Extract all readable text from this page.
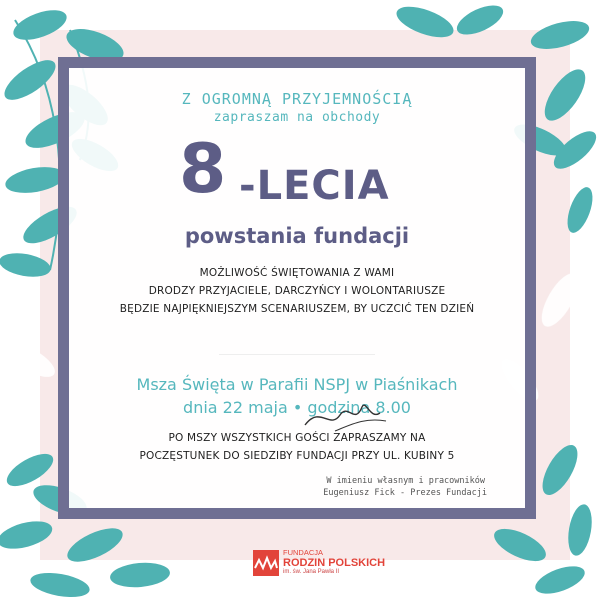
Z OGROMNĄ PRZYJEMNOŚCIĄ
zapraszam na obchody
8 -LECIA
powstania fundacji
MOŻLIWOŚĆ ŚWIĘTOWANIA Z WAMI
DRODZY PRZYJACIELE, DARCZYŃCY I WOLONTARIUSZE
BĘDZIE NAJPIĘKNIEJSZYM SCENARIUSZEM, BY UCZCIĆ TEN DZIEŃ
Msza Święta w Parafii NSPJ w Piaśnikach
dnia 22 maja • godzina 8.00
PO MSZY WSZYSTKICH GOŚCI ZAPRASZAMY NA
POCZĘSTUNEK DO SIEDZIBY FUNDACJI PRZY UL. KUBINY 5
W imieniu własnym i pracowników
Eugeniusz Fick - Prezes Fundacji
FUNDACJA
RODZIN POLSKICH
im. św. Jana Pawła II
